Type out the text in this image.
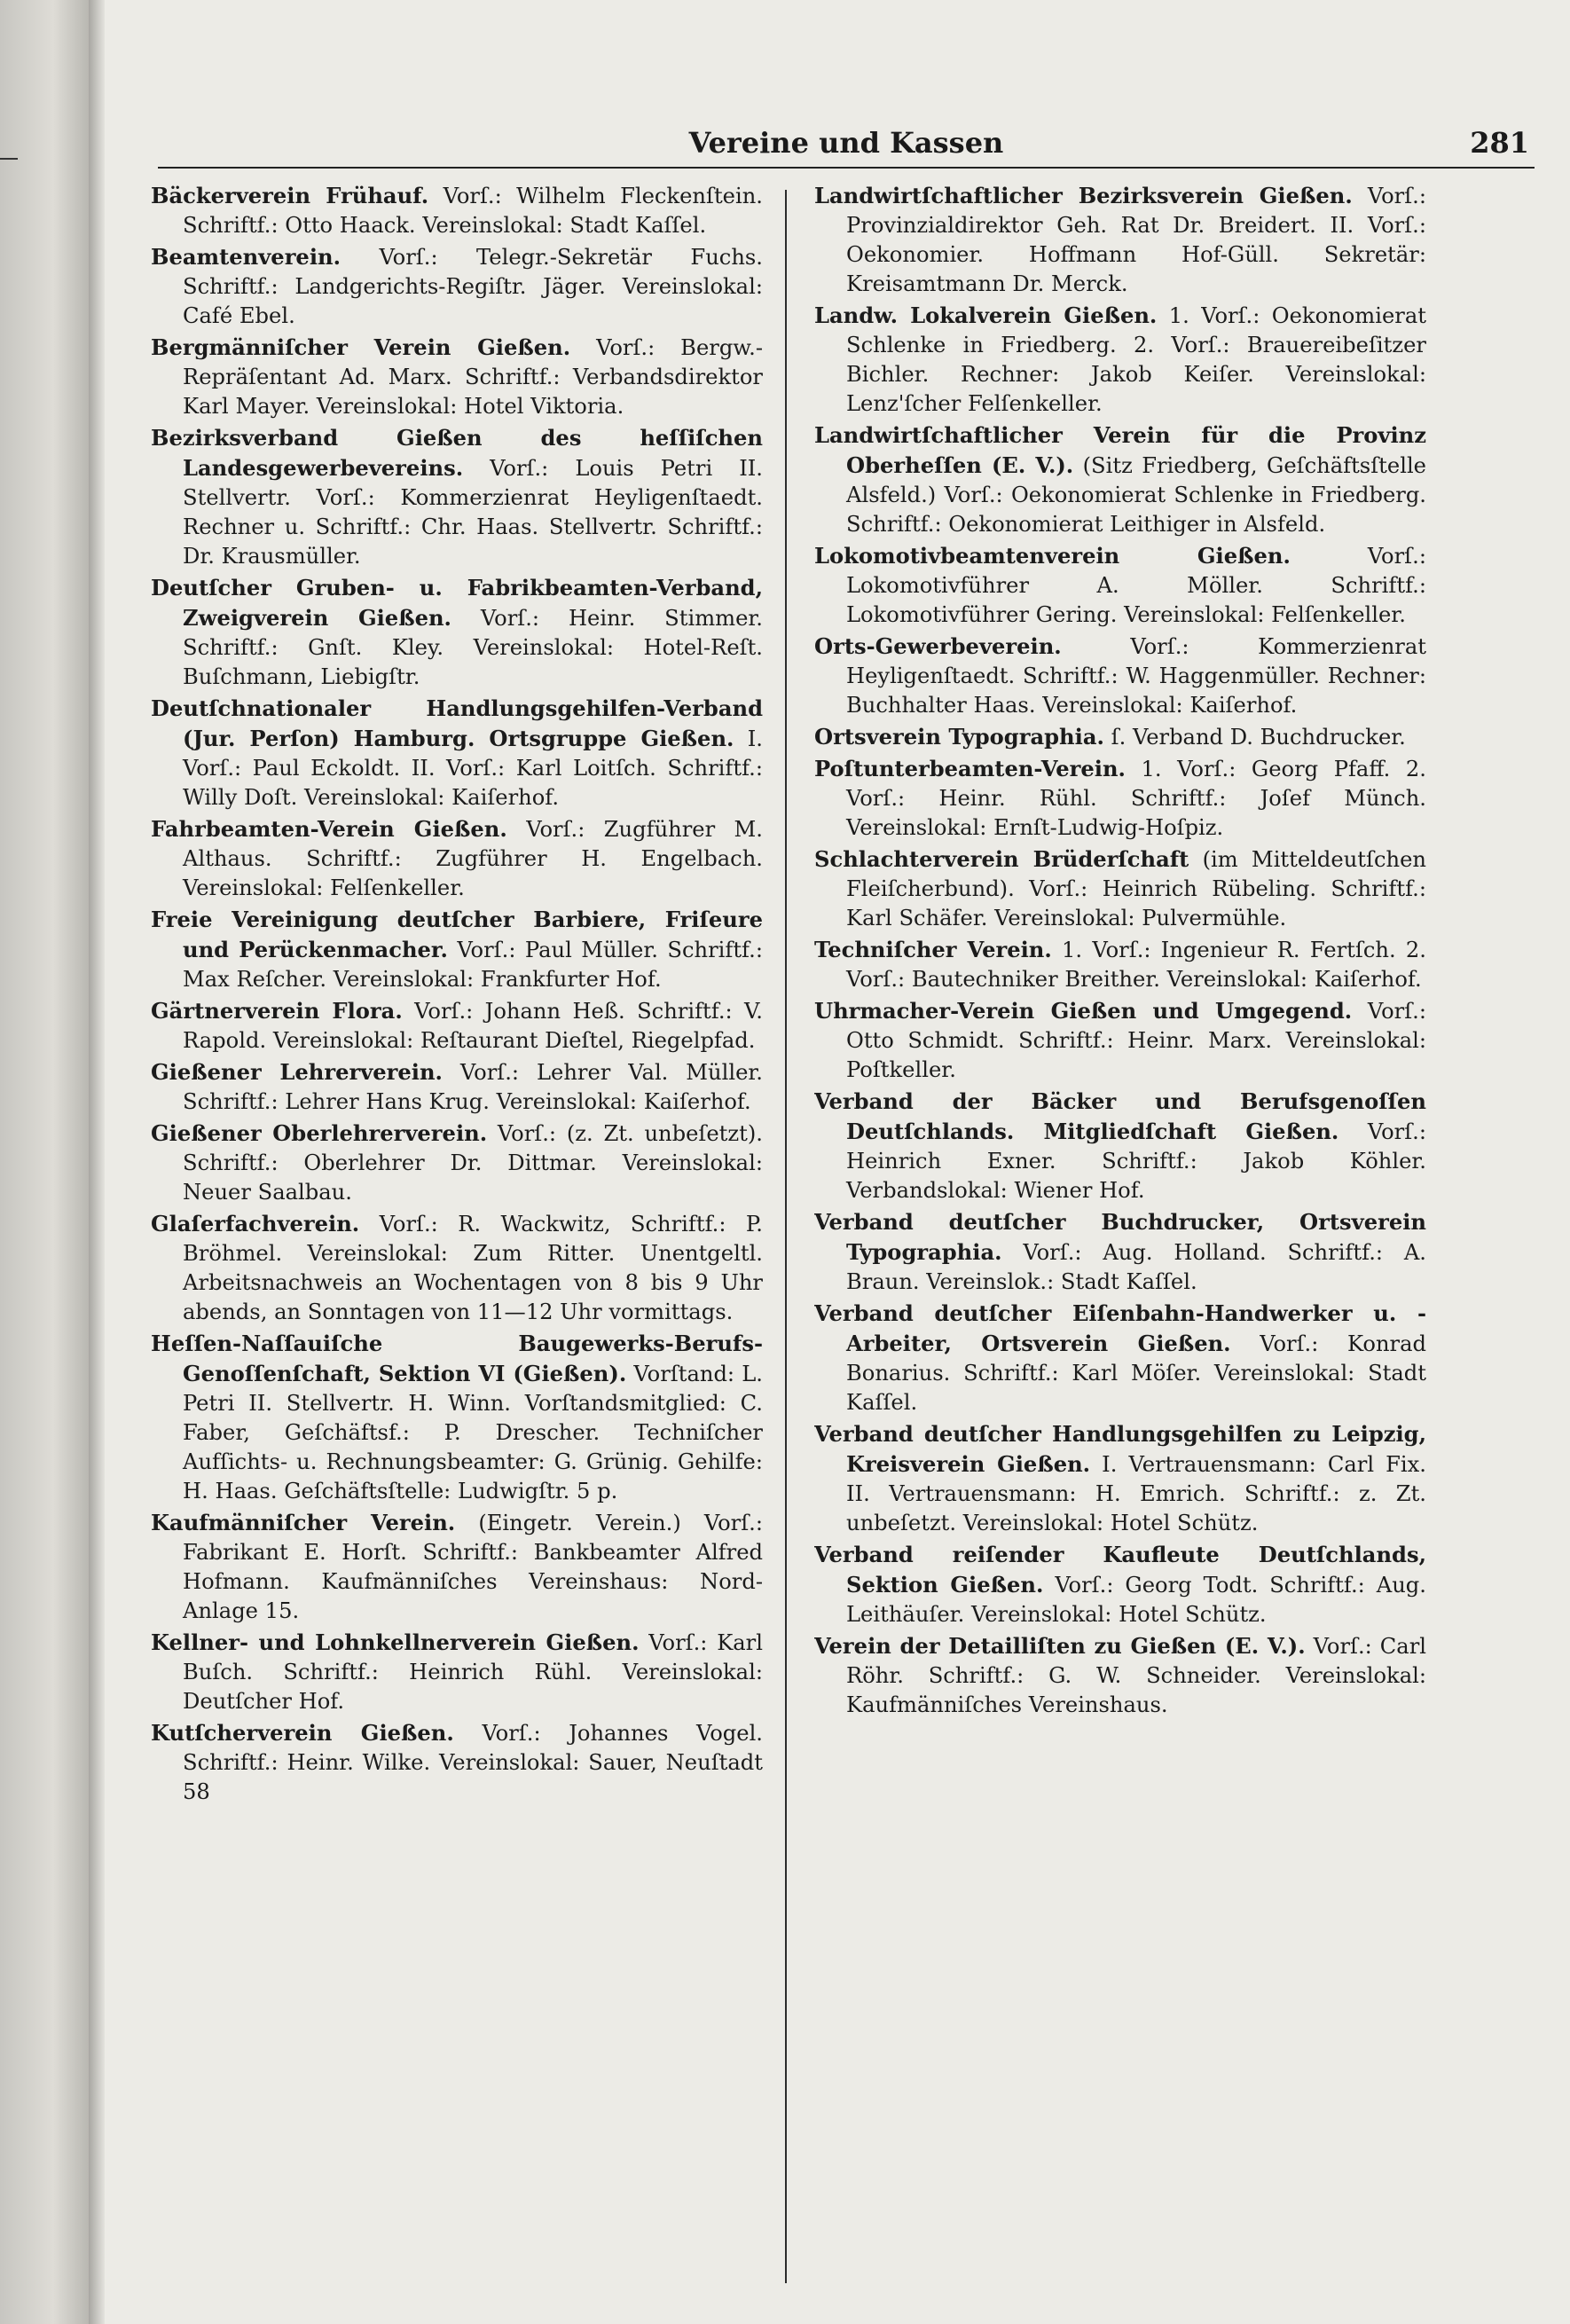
Vereine und Kassen	281

Bäckerverein Frühauf. Vorſ.: Wilhelm Fleckenſtein. Schriftf.: Otto Haack. Vereinslokal: Stadt Kaſſel.

Beamtenverein. Vorſ.: Telegr.-Sekretär Fuchs. Schriftf.: Landgerichts-Regiſtr. Jäger. Vereinslokal: Café Ebel.

Bergmänniſcher Verein Gießen. Vorſ.: Bergw.-Repräſentant Ad. Marx. Schriftf.: Verbandsdirektor Karl Mayer. Vereinslokal: Hotel Viktoria.

Bezirksverband Gießen des heſſiſchen Landesgewerbevereins. Vorſ.: Louis Petri II. Stellvertr. Vorſ.: Kommerzienrat Heyligenſtaedt. Rechner u. Schriftf.: Chr. Haas. Stellvertr. Schriftf.: Dr. Krausmüller.

Deutſcher Gruben- u. Fabrikbeamten-Verband, Zweigverein Gießen. Vorſ.: Heinr. Stimmer. Schriftf.: Gnſt. Kley. Vereinslokal: Hotel-Reſt. Buſchmann, Liebigſtr.

Deutſchnationaler Handlungsgehilfen-Verband (Jur. Perſon) Hamburg. Ortsgruppe Gießen. I. Vorſ.: Paul Eckoldt. II. Vorſ.: Karl Loitſch. Schriftf.: Willy Doſt. Vereinslokal: Kaiſerhof.

Fahrbeamten-Verein Gießen. Vorſ.: Zugführer M. Althaus. Schriftf.: Zugführer H. Engelbach. Vereinslokal: Felſenkeller.

Freie Vereinigung deutſcher Barbiere, Friſeure und Perückenmacher. Vorſ.: Paul Müller. Schriftf.: Max Reſcher. Vereinslokal: Frankfurter Hof.

Gärtnerverein Flora. Vorſ.: Johann Heß. Schriftf.: V. Rapold. Vereinslokal: Reſtaurant Dieſtel, Riegelpfad.

Gießener Lehrerverein. Vorſ.: Lehrer Val. Müller. Schriftf.: Lehrer Hans Krug. Vereinslokal: Kaiſerhof.

Gießener Oberlehrerverein. Vorſ.: (z. Zt. unbeſetzt). Schriftf.: Oberlehrer Dr. Dittmar. Vereinslokal: Neuer Saalbau.

Glaſerfachverein. Vorſ.: R. Wackwitz, Schriftf.: P. Bröhmel. Vereinslokal: Zum Ritter. Unentgeltl. Arbeitsnachweis an Wochentagen von 8 bis 9 Uhr abends, an Sonntagen von 11—12 Uhr vormittags.

Heſſen-Naſſauiſche Baugewerks-Berufs-Genoſſenſchaft, Sektion VI (Gießen). Vorſtand: L. Petri II. Stellvertr. H. Winn. Vorſtandsmitglied: C. Faber, Geſchäftsf.: P. Drescher. Techniſcher Aufſichts- u. Rechnungsbeamter: G. Grünig. Gehilfe: H. Haas. Geſchäftsſtelle: Ludwigſtr. 5 p.

Kaufmänniſcher Verein. (Eingetr. Verein.) Vorſ.: Fabrikant E. Horſt. Schriftf.: Bankbeamter Alfred Hofmann. Kaufmänniſches Vereinshaus: Nord-Anlage 15.

Kellner- und Lohnkellnerverein Gießen. Vorſ.: Karl Buſch. Schriftf.: Heinrich Rühl. Vereinslokal: Deutſcher Hof.

Kutſcherverein Gießen. Vorſ.: Johannes Vogel. Schriftf.: Heinr. Wilke. Vereinslokal: Sauer, Neuſtadt 58

Landwirtſchaftlicher Bezirksverein Gießen. Vorſ.: Provinzialdirektor Geh. Rat Dr. Breidert. II. Vorſ.: Oekonomier. Hoffmann Hof-Güll. Sekretär: Kreisamtmann Dr. Merck.

Landw. Lokalverein Gießen. 1. Vorſ.: Oekonomierat Schlenke in Friedberg. 2. Vorſ.: Brauereibeſitzer Bichler. Rechner: Jakob Keiſer. Vereinslokal: Lenz'ſcher Felſenkeller.

Landwirtſchaftlicher Verein für die Provinz Oberheſſen (E. V.). (Sitz Friedberg, Geſchäftsſtelle Alsfeld.) Vorſ.: Oekonomierat Schlenke in Friedberg. Schriftf.: Oekonomierat Leithiger in Alsfeld.

Lokomotivbeamtenverein Gießen.	Vorſ.: Lokomotivführer A. Möller. Schriftf.: Lokomotivführer Gering. Vereinslokal: Felſenkeller.

Orts-Gewerbeverein.	Vorſ.: Kommerzienrat Heyligenſtaedt. Schriftf.: W. Haggenmüller. Rechner: Buchhalter Haas. Vereinslokal: Kaiſerhof.

Ortsverein Typographia. ſ. Verband D. Buchdrucker.

Poſtunterbeamten-Verein. 1. Vorſ.: Georg Pfaff. 2. Vorſ.: Heinr. Rühl. Schriftf.: Joſef Münch. Vereinslokal: Ernſt-Ludwig-Hoſpiz.

Schlachterverein Brüderſchaft (im Mitteldeutſchen Fleiſcherbund). Vorſ.: Heinrich Rübeling. Schriftf.: Karl Schäfer. Vereinslokal: Pulvermühle.

Techniſcher Verein. 1. Vorſ.: Ingenieur R. Fertſch. 2. Vorſ.: Bautechniker Breither. Vereinslokal: Kaiſerhof.

Uhrmacher-Verein Gießen und Umgegend. Vorſ.: Otto Schmidt. Schriftf.: Heinr. Marx. Vereinslokal: Poſtkeller.

Verband der Bäcker und Berufsgenoſſen Deutſchlands. Mitgliedſchaft Gießen. Vorſ.: Heinrich Exner. Schriftf.: Jakob Köhler. Verbandslokal: Wiener Hof.

Verband deutſcher Buchdrucker, Ortsverein Typographia. Vorſ.: Aug. Holland. Schriftf.: A. Braun. Vereinslok.: Stadt Kaſſel.

Verband deutſcher Eiſenbahn-Handwerker u. -Arbeiter, Ortsverein Gießen. Vorſ.: Konrad Bonarius. Schriftf.: Karl Möſer. Vereinslokal: Stadt Kaſſel.

Verband deutſcher Handlungsgehilfen zu Leipzig, Kreisverein Gießen. I. Vertrauensmann: Carl Fix. II. Vertrauensmann: H. Emrich. Schriftf.: z. Zt. unbeſetzt. Vereinslokal: Hotel Schütz.

Verband reiſender Kaufleute Deutſchlands, Sektion Gießen. Vorſ.: Georg Todt. Schriftf.: Aug. Leithäuſer. Vereinslokal: Hotel Schütz.

Verein der Detailliſten zu Gießen (E. V.). Vorſ.: Carl Röhr. Schriftf.: G. W. Schneider. Vereinslokal: Kaufmänniſches Vereinshaus.
